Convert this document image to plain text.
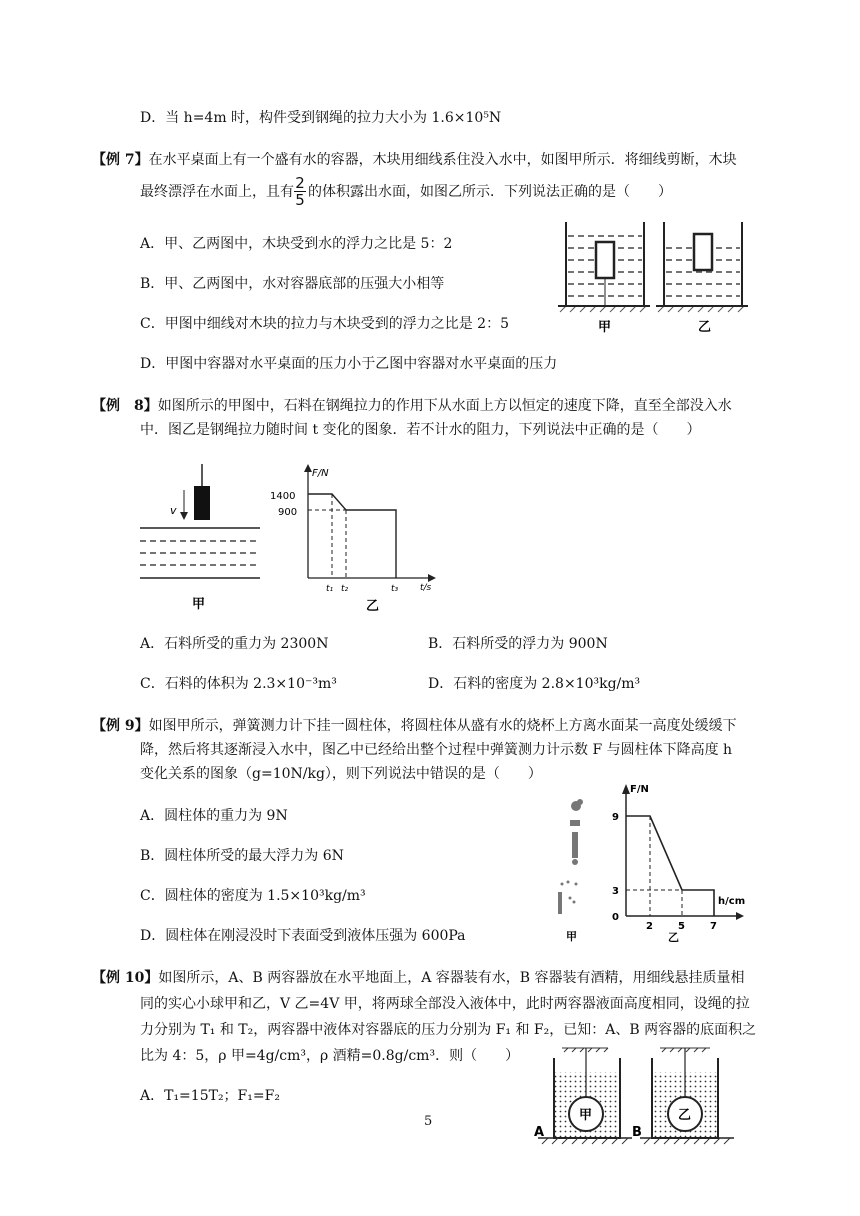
D．当 h=4m 时，构件受到钢绳的拉力大小为 1.6×10⁵N
【例 7】在水平桌面上有一个盛有水的容器，木块用细线系住没入水中，如图甲所示．将细线剪断，木块
最终漂浮在水面上，且有 2
5 的体积露出水面，如图乙所示．下列说法正确的是（　　）
A．甲、乙两图中，木块受到水的浮力之比是 5：2
B．甲、乙两图中，水对容器底部的压强大小相等
C．甲图中细线对木块的拉力与木块受到的浮力之比是 2：5
D．甲图中容器对水平桌面的压力小于乙图中容器对水平桌面的压力
甲	乙
【例　8】如图所示的甲图中，石料在钢绳拉力的作用下从水面上方以恒定的速度下降，直至全部没入水
中．图乙是钢绳拉力随时间 t 变化的图象．若不计水的阻力，下列说法中正确的是（　　）
v
甲
F/N
t/s
1400
900
t₁ t₂	t₃
乙
A．石料所受的重力为 2300N	B．石料所受的浮力为 900N
C．石料的体积为 2.3×10⁻³m³	D．石料的密度为 2.8×10³kg/m³
【例 9】如图甲所示，弹簧测力计下挂一圆柱体，将圆柱体从盛有水的烧杯上方离水面某一高度处缓缓下
降，然后将其逐渐浸入水中，图乙中已经给出整个过程中弹簧测力计示数 F 与圆柱体下降高度 h
变化关系的图象（g=10N/kg），则下列说法中错误的是（　　）
A．圆柱体的重力为 9N
B．圆柱体所受的最大浮力为 6N
C．圆柱体的密度为 1.5×10³kg/m³
D．圆柱体在刚浸没时下表面受到液体压强为 600Pa	甲
F/N
h/cm
9
3
0
2	5	7
乙
【例 10】如图所示，A、B 两容器放在水平地面上，A 容器装有水，B 容器装有酒精，用细线悬挂质量相
同的实心小球甲和乙，V 乙=4V 甲，将两球全部没入液体中，此时两容器液面高度相同，设绳的拉
力分别为 T₁ 和 T₂，两容器中液体对容器底的压力分别为 F₁ 和 F₂，已知：A、B 两容器的底面积之
比为 4：5，ρ 甲=4g/cm³，ρ 酒精=0.8g/cm³．则（　　）
A．T₁=15T₂；F₁=F₂
甲	乙
A	B
5
